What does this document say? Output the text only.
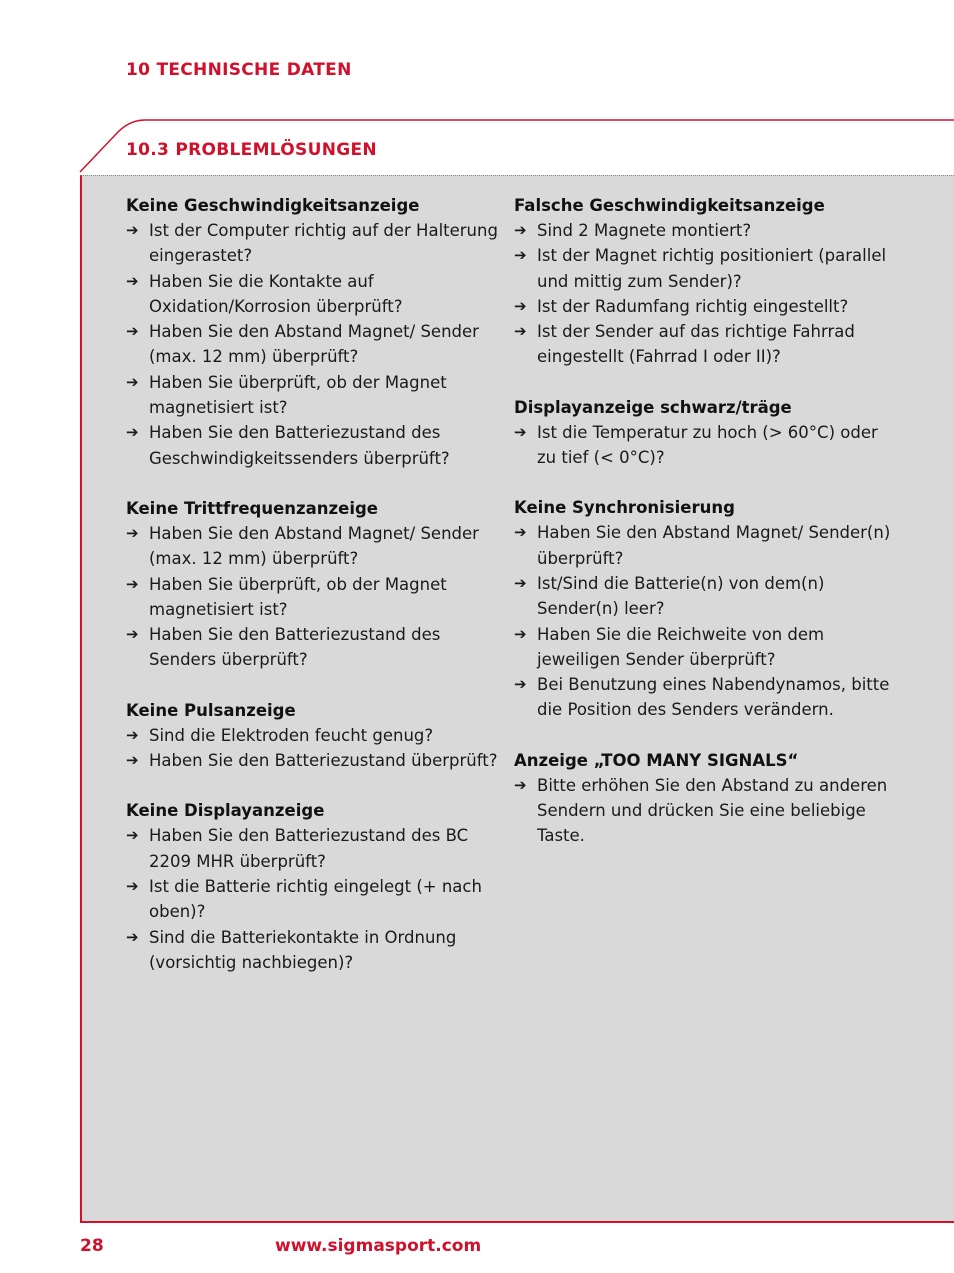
10 TECHNISCHE DATEN
10.3 PROBLEMLÖSUNGEN
Keine Geschwindigkeitsanzeige
➔ Ist der Computer richtig auf der Halterung eingerastet?
➔ Haben Sie die Kontakte auf Oxidation/Korrosion überprüft?
➔ Haben Sie den Abstand Magnet/ Sender (max. 12 mm) überprüft?
➔ Haben Sie überprüft, ob der Magnet magnetisiert ist?
➔ Haben Sie den Batteriezustand des Geschwindigkeitssenders überprüft?
Keine Trittfrequenzanzeige
➔ Haben Sie den Abstand Magnet/ Sender (max. 12 mm) überprüft?
➔ Haben Sie überprüft, ob der Magnet magnetisiert ist?
➔ Haben Sie den Batteriezustand des Senders überprüft?
Keine Pulsanzeige
➔ Sind die Elektroden feucht genug?
➔ Haben Sie den Batteriezustand überprüft?
Keine Displayanzeige
➔ Haben Sie den Batteriezustand des BC 2209 MHR überprüft?
➔ Ist die Batterie richtig eingelegt (+ nach oben)?
➔ Sind die Batteriekontakte in Ordnung (vorsichtig nachbiegen)?
Falsche Geschwindigkeitsanzeige
➔ Sind 2 Magnete montiert?
➔ Ist der Magnet richtig positioniert (parallel und mittig zum Sender)?
➔ Ist der Radumfang richtig eingestellt?
➔ Ist der Sender auf das richtige Fahrrad eingestellt (Fahrrad I oder II)?
Displayanzeige schwarz/träge
➔ Ist die Temperatur zu hoch (> 60°C) oder zu tief (< 0°C)?
Keine Synchronisierung
➔ Haben Sie den Abstand Magnet/ Sender(n) überprüft?
➔ Ist/Sind die Batterie(n) von dem(n) Sender(n) leer?
➔ Haben Sie die Reichweite von dem jeweiligen Sender überprüft?
➔ Bei Benutzung eines Nabendynamos, bitte die Position des Senders verändern.
Anzeige „TOO MANY SIGNALS“
➔ Bitte erhöhen Sie den Abstand zu anderen Sendern und drücken Sie eine beliebige Taste.
28	www.sigmasport.com
